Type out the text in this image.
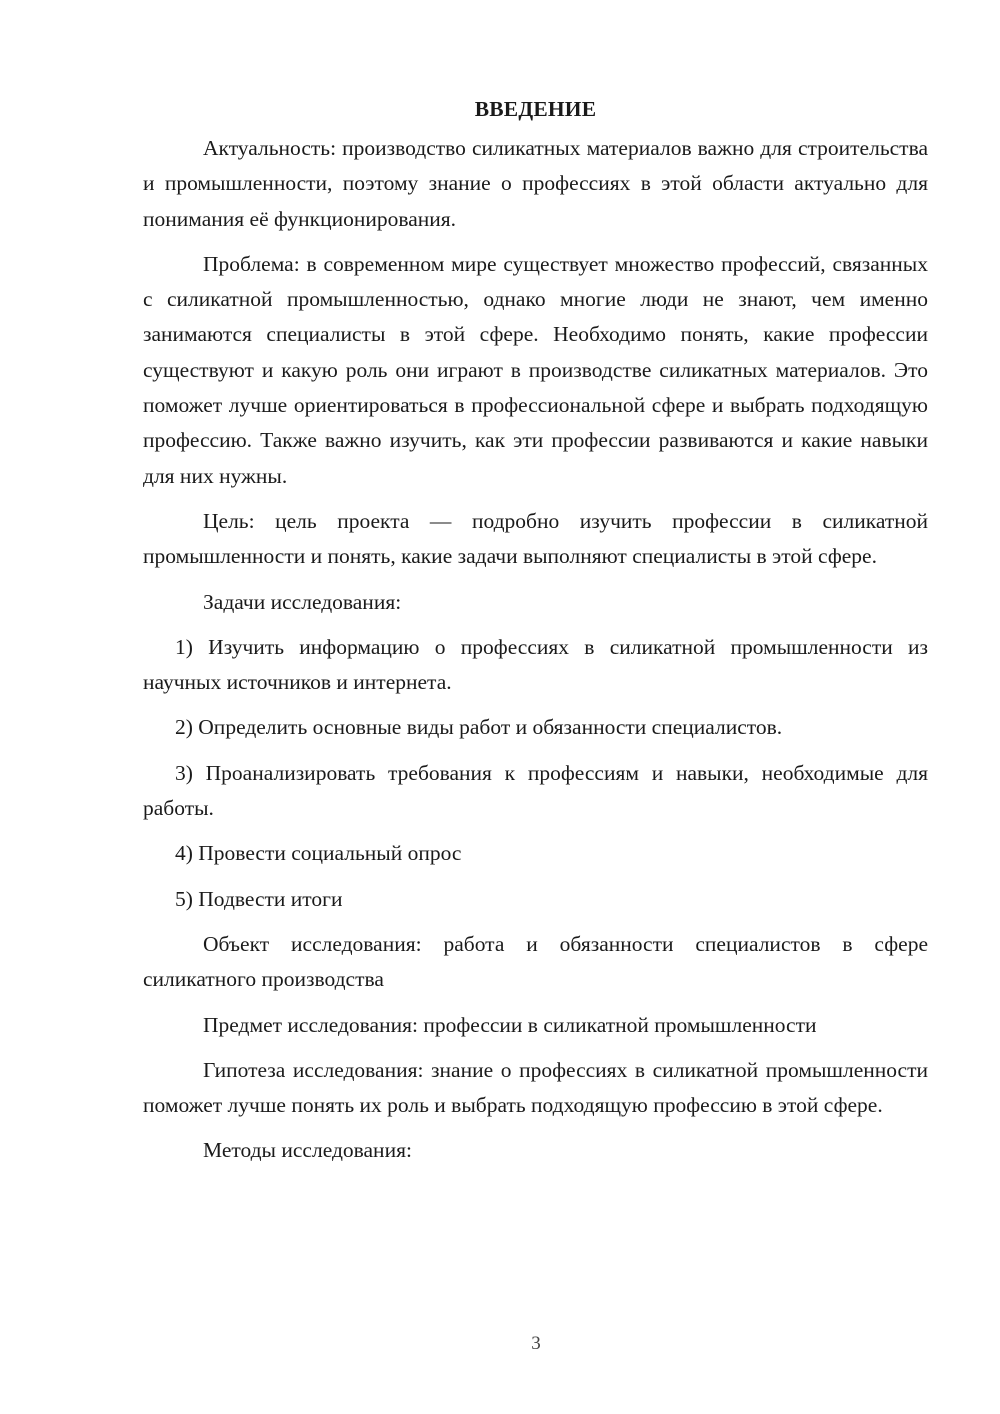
ВВЕДЕНИЕ

Актуальность: производство силикатных материалов важно для строительства и промышленности, поэтому знание о профессиях в этой области актуально для понимания её функционирования.

Проблема: в современном мире существует множество профессий, связанных с силикатной промышленностью, однако многие люди не знают, чем именно занимаются специалисты в этой сфере. Необходимо понять, какие профессии существуют и какую роль они играют в производстве силикатных материалов. Это поможет лучше ориентироваться в профессиональной сфере и выбрать подходящую профессию. Также важно изучить, как эти профессии развиваются и какие навыки для них нужны.

Цель: цель проекта — подробно изучить профессии в силикатной промышленности и понять, какие задачи выполняют специалисты в этой сфере.

Задачи исследования:

1) Изучить информацию о профессиях в силикатной промышленности из научных источников и интернета.

2) Определить основные виды работ и обязанности специалистов.

3) Проанализировать требования к профессиям и навыки, необходимые для работы.

4) Провести социальный опрос

5) Подвести итоги

Объект исследования: работа и обязанности специалистов в сфере силикатного производства

Предмет исследования: профессии в силикатной промышленности

Гипотеза исследования: знание о профессиях в силикатной промышленности поможет лучше понять их роль и выбрать подходящую профессию в этой сфере.

Методы исследования:

3
